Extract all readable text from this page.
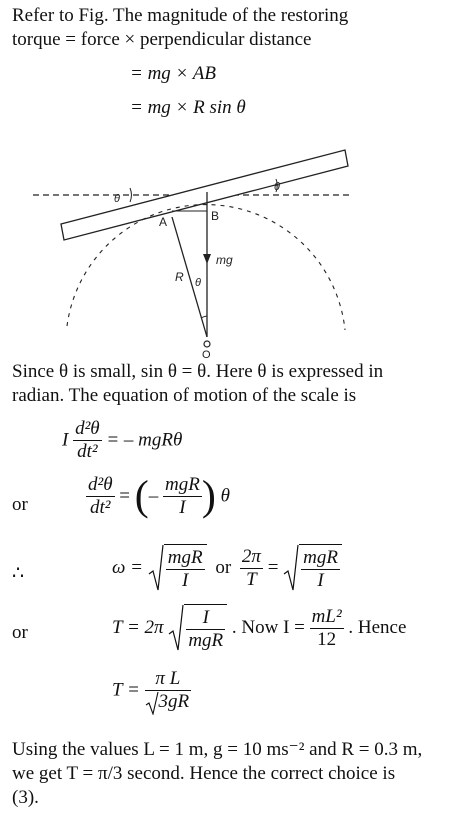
Refer to Fig. The magnitude of the restoring
torque = force × perpendicular distance
= mg × AB
= mg × R sin θ
θ
θ
A	B
mg
R θ
O
Since θ is small, sin θ = θ. Here θ is expressed in
radian. The equation of motion of the scale is
I $\frac{\text{d²θ}}{\text{dt²}}$ = – mgRθ
or	$\frac{\text{d²θ}}{\text{dt²}}$ = (– $\frac{\text{mgR}}{I}$ ) θ
∴	$\omega = \frac{\text{mgR}}{I}$ or $\frac{2\pi}{T} = \frac{\text{mgR}}{I}$
or	$T = 2\pi \frac{I}{\text{mgR}}$ . Now $I = \frac{\text{mL²}}{12}$ . Hence
$T = \frac{\text{π L}}{3gR}$
Using the values L = 1 m, g = 10 ms⁻² and R = 0.3 m,
we get T = π/3 second. Hence the correct choice is
(3).
